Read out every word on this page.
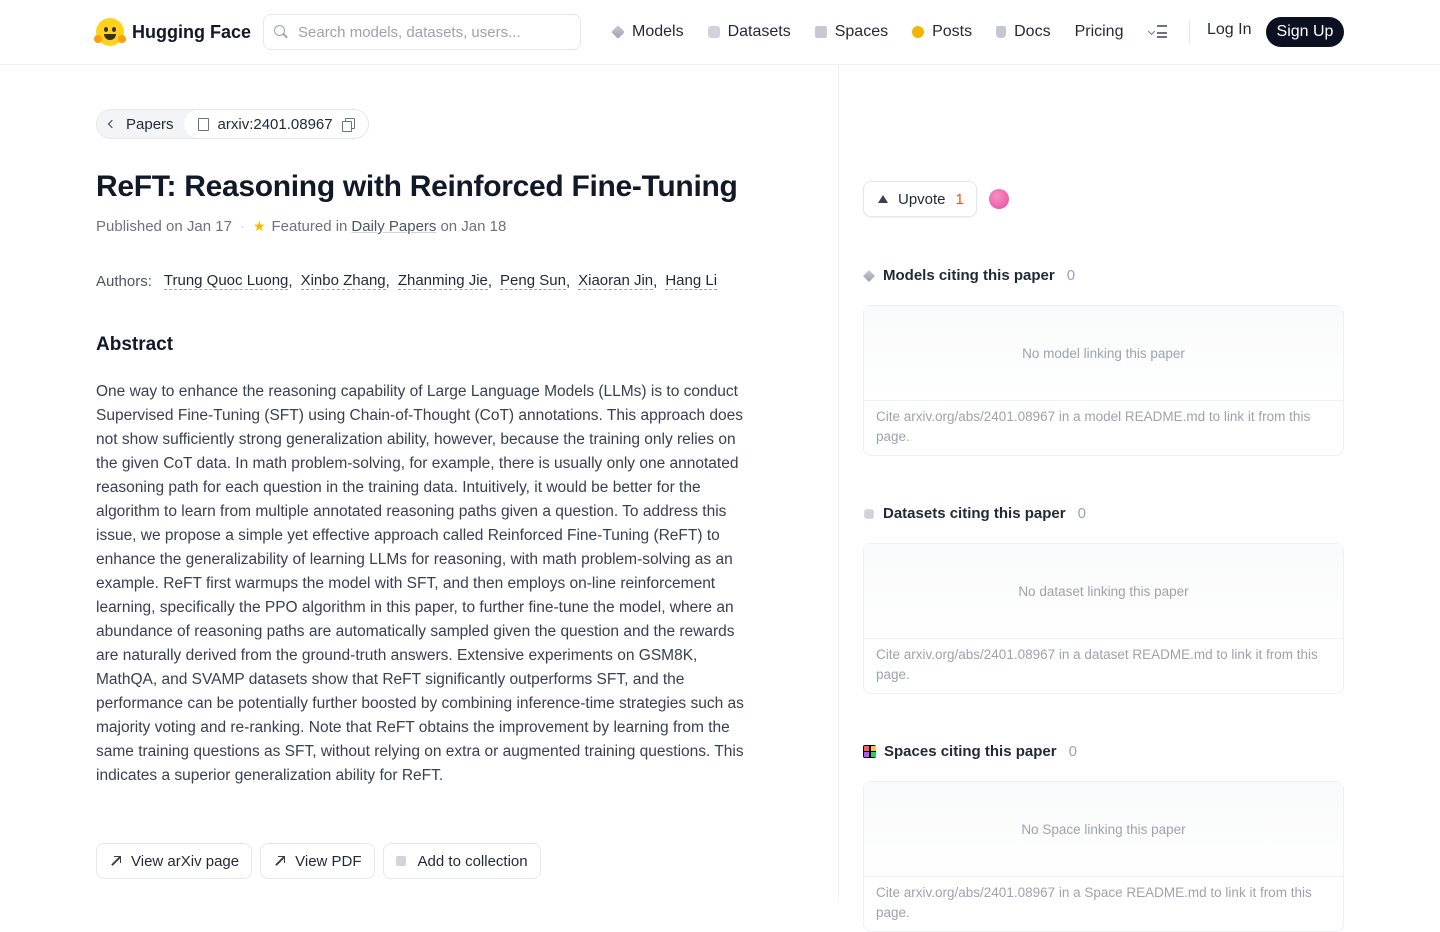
Hugging Face
Search models, datasets, users...	Models	Datasets	Spaces	Posts	Docs Pricing	Log In	Sign Up
Papers	arxiv:2401.08967
ReFT: Reasoning with Reinforced Fine-Tuning
Published on Jan 17 · ★ Featured in Daily Papers on Jan 18
Authors: Trung Quoc Luong , Xinbo Zhang , Zhanming Jie , Peng Sun , Xiaoran Jin , Hang Li
Abstract

One way to enhance the reasoning capability of Large Language Models (LLMs) is to conduct Supervised Fine-Tuning (SFT) using Chain-of-Thought (CoT) annotations. This approach does not show sufficiently strong generalization ability, however, because the training only relies on the given CoT data. In math problem-solving, for example, there is usually only one annotated reasoning path for each question in the training data. Intuitively, it would be better for the algorithm to learn from multiple annotated reasoning paths given a question. To address this issue, we propose a simple yet effective approach called Reinforced Fine-Tuning (ReFT) to enhance the generalizability of learning LLMs for reasoning, with math problem-solving as an example. ReFT first warmups the model with SFT, and then employs on-line reinforcement learning, specifically the PPO algorithm in this paper, to further fine-tune the model, where an abundance of reasoning paths are automatically sampled given the question and the rewards are naturally derived from the ground-truth answers. Extensive experiments on GSM8K, MathQA, and SVAMP datasets show that ReFT significantly outperforms SFT, and the performance can be potentially further boosted by combining inference-time strategies such as majority voting and re-ranking. Note that ReFT obtains the improvement by learning from the same training questions as SFT, without relying on extra or augmented training questions. This indicates a superior generalization ability for ReFT.

View arXiv page	View PDF	Add to collection
Upvote 1
Models citing this paper 0
No model linking this paper
Cite arxiv.org/abs/2401.08967 in a model README.md to link it from this page.
Datasets citing this paper 0
No dataset linking this paper
Cite arxiv.org/abs/2401.08967 in a dataset README.md to link it from this page.
Spaces citing this paper 0
No Space linking this paper
Cite arxiv.org/abs/2401.08967 in a Space README.md to link it from this page.
